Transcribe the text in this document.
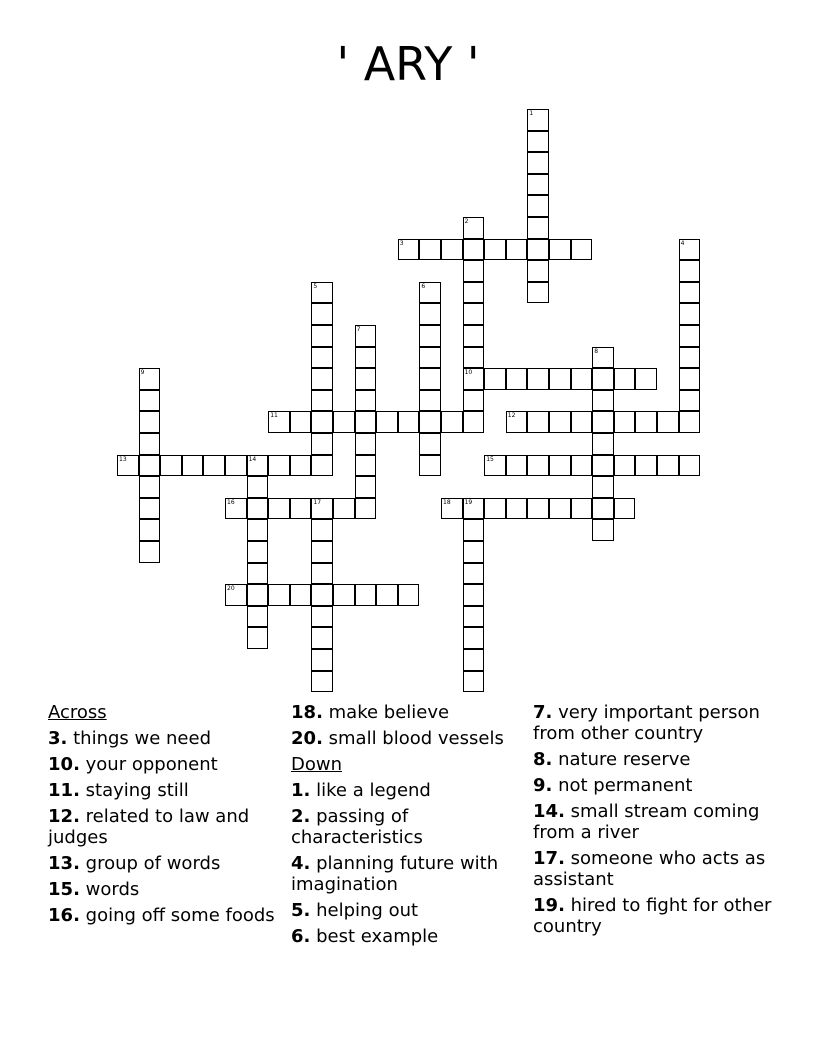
' ARY '
1
2
10
3	4
5	6
7
8
9
11	12
13	14	15
16	17	18 19
20
Across
3. things we need
10. your opponent
11. staying still
12. related to law and judges
13. group of words
15. words
16. going off some foods
18. make believe
20. small blood vessels
Down
1. like a legend
2. passing of characteristics
4. planning future with imagination
5. helping out
6. best example
7. very important person from other country
8. nature reserve
9. not permanent
14. small stream coming from a river
17. someone who acts as assistant
19. hired to fight for other country
